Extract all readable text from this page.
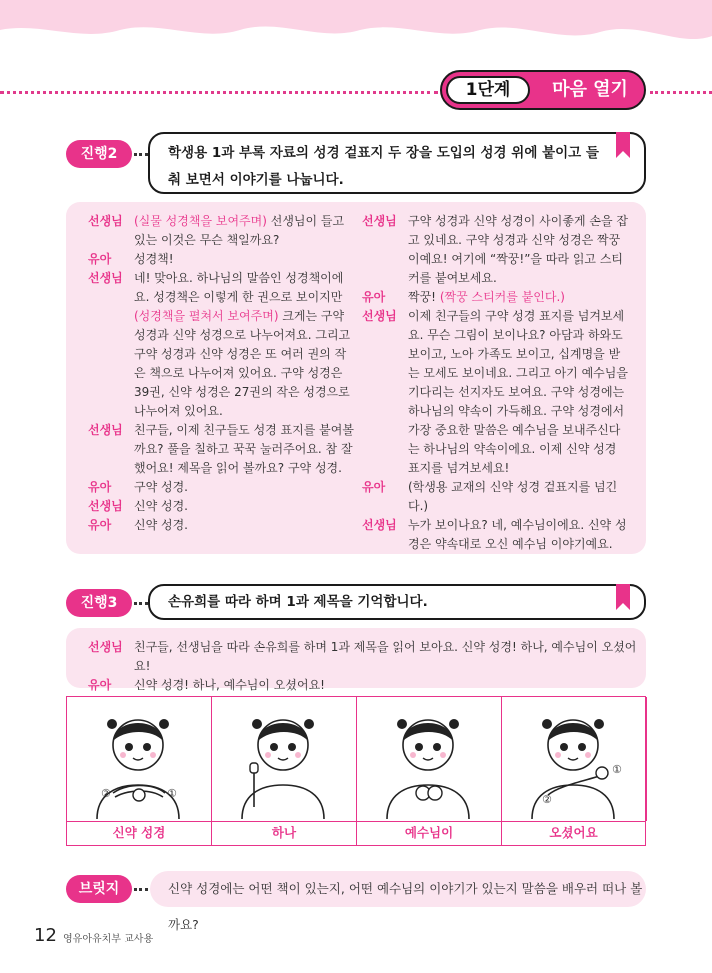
1단계	마음 열기
진행2	학생용 1과 부록 자료의 성경 겉표지 두 장을 도입의 성경 위에 붙이고 들춰 보면서 이야기를 나눕니다.
선생님 (실물 성경책을 보여주며) 선생님이 들고 있는 이것은 무슨 책일까요?
유아	성경책!
선생님 네! 맞아요. 하나님의 말씀인 성경책이에요. 성경책은 이렇게 한 권으로 보이지만 (성경책을 펼쳐서 보여주며) 크게는 구약 성경과 신약 성경으로 나누어져요. 그리고 구약 성경과 신약 성경은 또 여러 권의 작은 책으로 나누어져 있어요. 구약 성경은 39권, 신약 성경은 27권의 작은 성경으로 나누어져 있어요.
선생님 친구들, 이제 친구들도 성경 표지를 붙여볼까요? 풀을 칠하고 꾹꾹 눌러주어요. 참 잘했어요! 제목을 읽어 볼까요? 구약 성경.
유아	구약 성경.
선생님 신약 성경.
유아	신약 성경.
선생님 구약 성경과 신약 성경이 사이좋게 손을 잡고 있네요. 구약 성경과 신약 성경은 짝꿍이예요! 여기에 “짝꿍!”을 따라 읽고 스티커를 붙여보세요.
유아	짝꿍! (짝꿍 스티커를 붙인다.)
선생님 이제 친구들의 구약 성경 표지를 넘겨보세요. 무슨 그림이 보이나요? 아담과 하와도 보이고, 노아 가족도 보이고, 십계명을 받는 모세도 보이네요. 그리고 아기 예수님을 기다리는 선지자도 보여요. 구약 성경에는 하나님의 약속이 가득해요. 구약 성경에서 가장 중요한 말씀은 예수님을 보내주신다는 하나님의 약속이에요. 이제 신약 성경 표지를 넘겨보세요!
유아	(학생용 교재의 신약 성경 겉표지를 넘긴다.)
선생님 누가 보이나요? 네, 예수님이에요. 신약 성경은 약속대로 오신 예수님 이야기예요.
진행3	손유희를 따라 하며 1과 제목을 기억합니다.
선생님 친구들, 선생님을 따라 손유희를 하며 1과 제목을 읽어 보아요. 신약 성경! 하나, 예수님이 오셨어요!
유아	신약 성경! 하나, 예수님이 오셨어요!
②	①
①
②
신약 성경	하나	예수님이	오셨어요
브릿지	신약 성경에는 어떤 책이 있는지, 어떤 예수님의 이야기가 있는지 말씀을 배우러 떠나 볼까요?
12 영유아유치부 교사용
